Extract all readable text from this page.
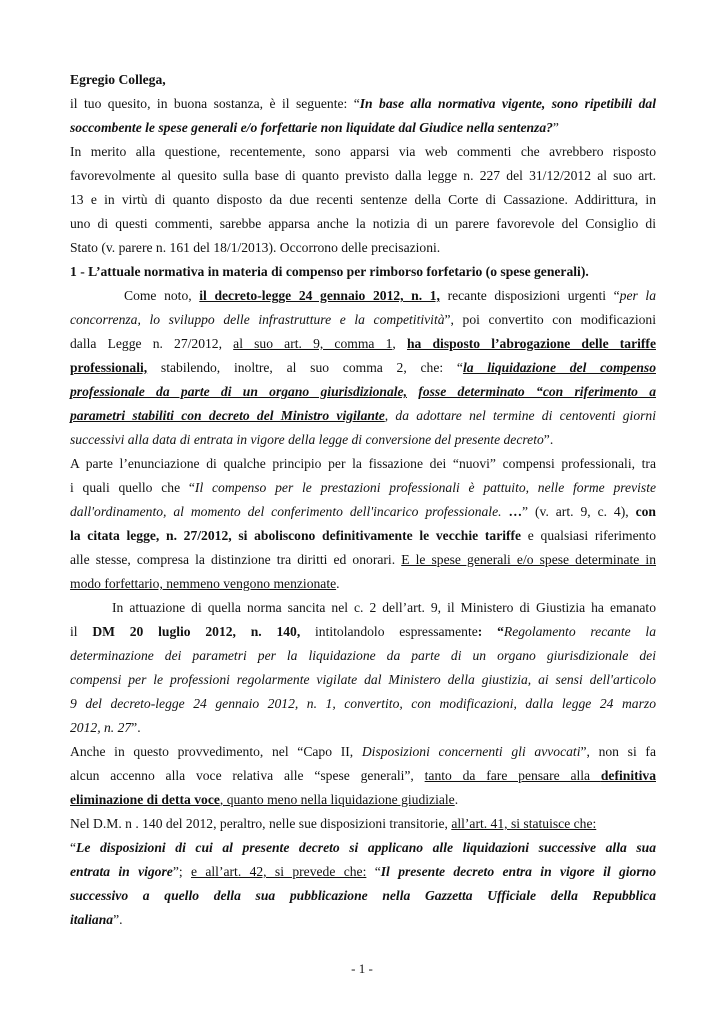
Egregio Collega,
il tuo quesito, in buona sostanza, è il seguente: “In base alla normativa vigente, sono ripetibili dal
soccombente le spese generali e/o forfettarie non liquidate dal Giudice nella sentenza?”
In merito alla questione, recentemente, sono apparsi via web commenti che avrebbero risposto
favorevolmente al quesito sulla base di quanto previsto dalla legge n. 227 del 31/12/2012 al suo art.
13 e in virtù di quanto disposto da due recenti sentenze della Corte di Cassazione. Addirittura, in
uno di questi commenti, sarebbe apparsa anche la notizia di un parere favorevole del Consiglio di
Stato (v. parere n. 161 del 18/1/2013). Occorrono delle precisazioni.
1 - L’attuale normativa in materia di compenso per rimborso forfetario (o spese generali).
Come noto, il decreto-legge 24 gennaio 2012, n. 1, recante disposizioni urgenti “per la
concorrenza, lo sviluppo delle infrastrutture e la competitività”, poi convertito con modificazioni
dalla Legge n. 27/2012, al suo art. 9, comma 1, ha disposto l’abrogazione delle tariffe
professionali, stabilendo, inoltre, al suo comma 2, che: “la liquidazione del compenso
professionale da parte di un organo giurisdizionale, fosse determinato “con riferimento a
parametri stabiliti con decreto del Ministro vigilante, da adottare nel termine di centoventi giorni
successivi alla data di entrata in vigore della legge di conversione del presente decreto”.
A parte l’enunciazione di qualche principio per la fissazione dei “nuovi” compensi professionali, tra
i quali quello che “Il compenso per le prestazioni professionali è pattuito, nelle forme previste
dall'ordinamento, al momento del conferimento dell'incarico professionale. …” (v. art. 9, c. 4), con
la citata legge, n. 27/2012, si aboliscono definitivamente le vecchie tariffe e qualsiasi riferimento
alle stesse, compresa la distinzione tra diritti ed onorari. E le spese generali e/o spese determinate in
modo forfettario, nemmeno vengono menzionate.
In attuazione di quella norma sancita nel c. 2 dell’art. 9, il Ministero di Giustizia ha emanato
il DM 20 luglio 2012, n. 140, intitolandolo espressamente: “Regolamento recante la
determinazione dei parametri per la liquidazione da parte di un organo giurisdizionale dei
compensi per le professioni regolarmente vigilate dal Ministero della giustizia, ai sensi dell'articolo
9 del decreto-legge 24 gennaio 2012, n. 1, convertito, con modificazioni, dalla legge 24 marzo
2012, n. 27”.
Anche in questo provvedimento, nel “Capo II, Disposizioni concernenti gli avvocati”, non si fa
alcun accenno alla voce relativa alle “spese generali”, tanto da fare pensare alla definitiva
eliminazione di detta voce, quanto meno nella liquidazione giudiziale.
Nel D.M. n . 140 del 2012, peraltro, nelle sue disposizioni transitorie, all’art. 41, si statuisce che:
“Le disposizioni di cui al presente decreto si applicano alle liquidazioni successive alla sua
entrata in vigore”; e all’art. 42, si prevede che: “Il presente decreto entra in vigore il giorno
successivo a quello della sua pubblicazione nella Gazzetta Ufficiale della Repubblica
italiana”.
- 1 -
